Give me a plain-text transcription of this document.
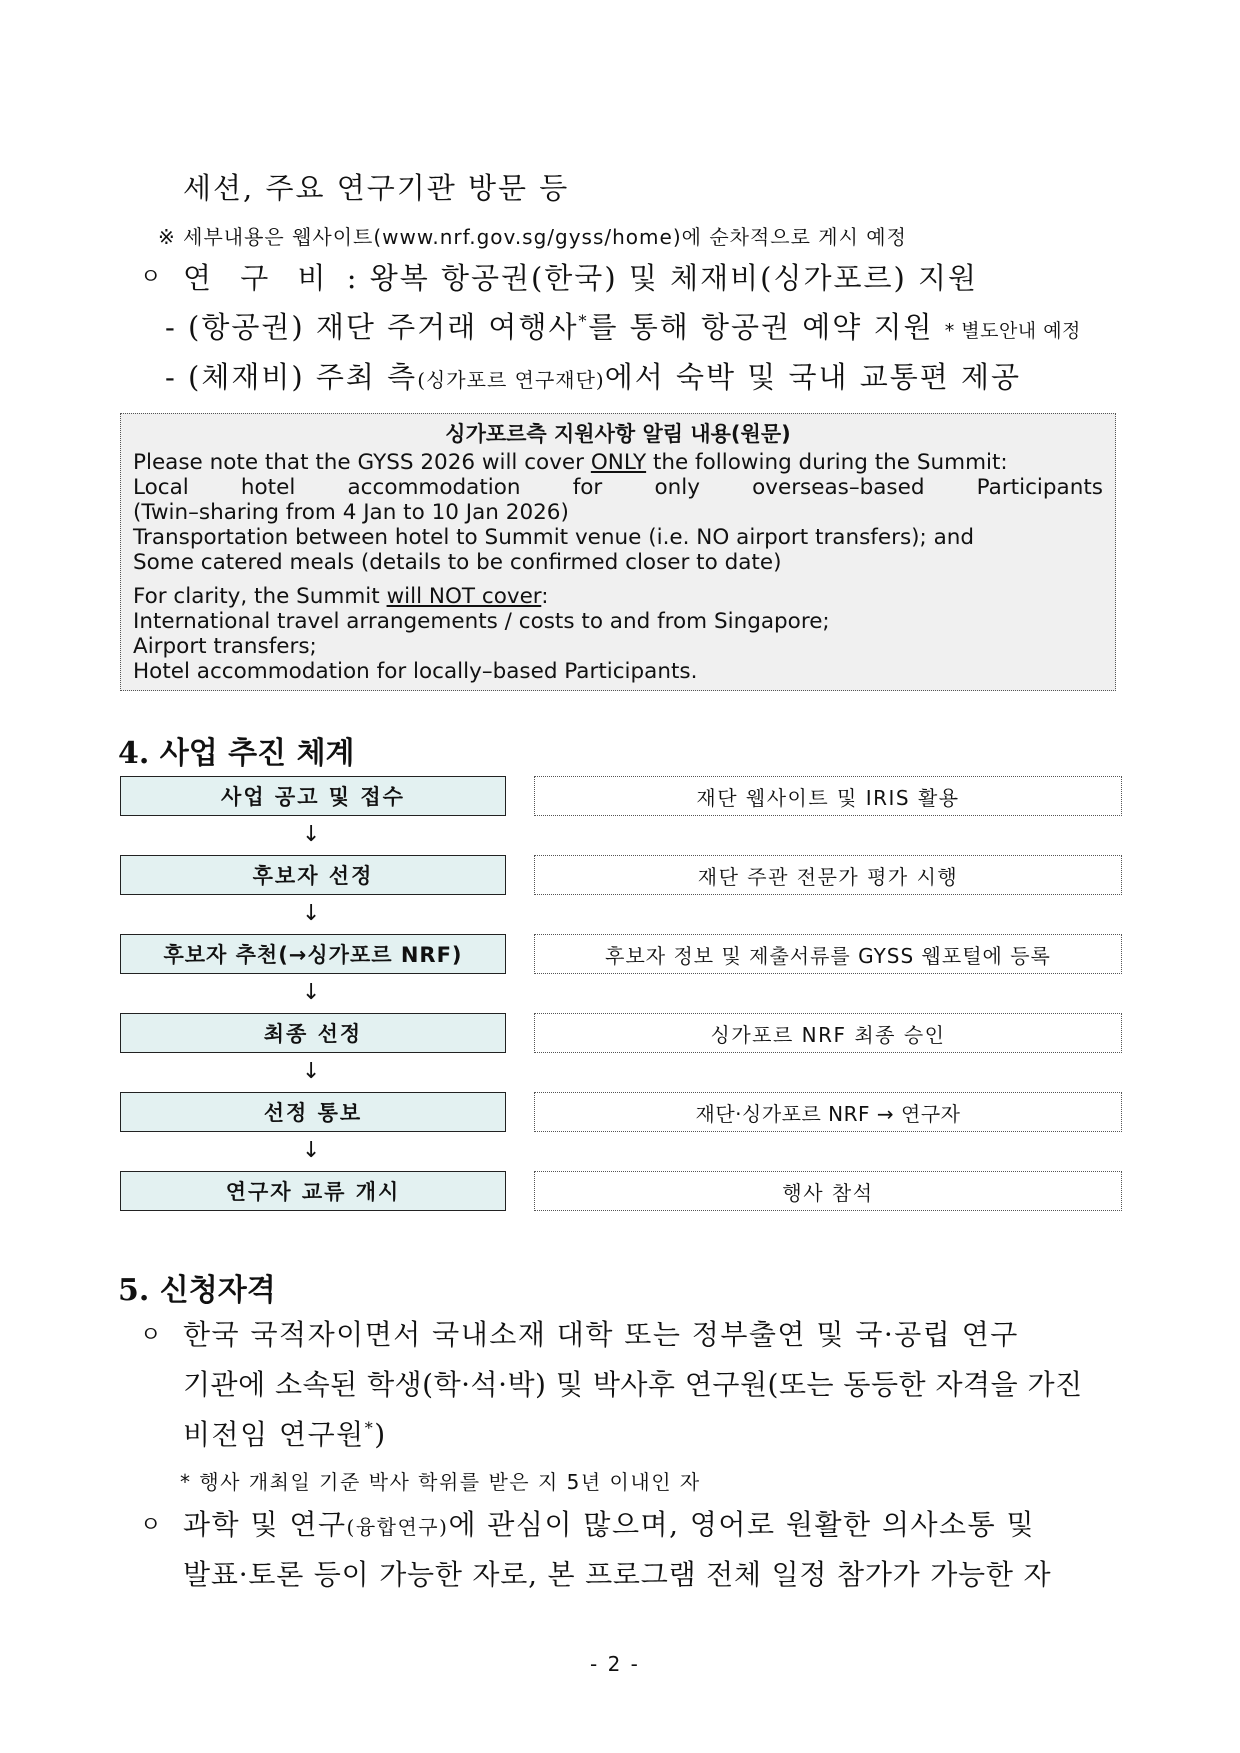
세션, 주요 연구기관 방문 등
※ 세부내용은 웹사이트(www.nrf.gov.sg/gyss/home)에 순차적으로 게시 예정
ㅇ 연 구 비 : 왕복 항공권(한국) 및 체재비(싱가포르) 지원
- (항공권) 재단 주거래 여행사*를 통해 항공권 예약 지원 * 별도안내 예정
- (체재비) 주최 측(싱가포르 연구재단)에서 숙박 및 국내 교통편 제공
싱가포르측 지원사항 알림 내용(원문)
Please note that the GYSS 2026 will cover ONLY the following during the Summit:
Local hotel accommodation for only overseas–based Participants
(Twin–sharing from 4 Jan to 10 Jan 2026)
Transportation between hotel to Summit venue (i.e. NO airport transfers); and
Some catered meals (details to be confirmed closer to date)
For clarity, the Summit will NOT cover:
International travel arrangements / costs to and from Singapore;
Airport transfers;
Hotel accommodation for locally–based Participants.
4. 사업 추진 체계
사업 공고 및 접수	재단 웹사이트 및 IRIS 활용
↓
후보자 선정	재단 주관 전문가 평가 시행
↓
후보자 추천(→싱가포르 NRF)	후보자 정보 및 제출서류를 GYSS 웹포털에 등록
↓
최종 선정	싱가포르 NRF 최종 승인
↓
선정 통보	재단·싱가포르 NRF → 연구자
↓
연구자 교류 개시	행사 참석
5. 신청자격
ㅇ 한국 국적자이면서 국내소재 대학 또는 정부출연 및 국·공립 연구
기관에 소속된 학생(학·석·박) 및 박사후 연구원(또는 동등한 자격을 가진
비전임 연구원*)
* 행사 개최일 기준 박사 학위를 받은 지 5년 이내인 자
ㅇ 과학 및 연구(융합연구)에 관심이 많으며, 영어로 원활한 의사소통 및
발표·토론 등이 가능한 자로, 본 프로그램 전체 일정 참가가 가능한 자
- 2 -
